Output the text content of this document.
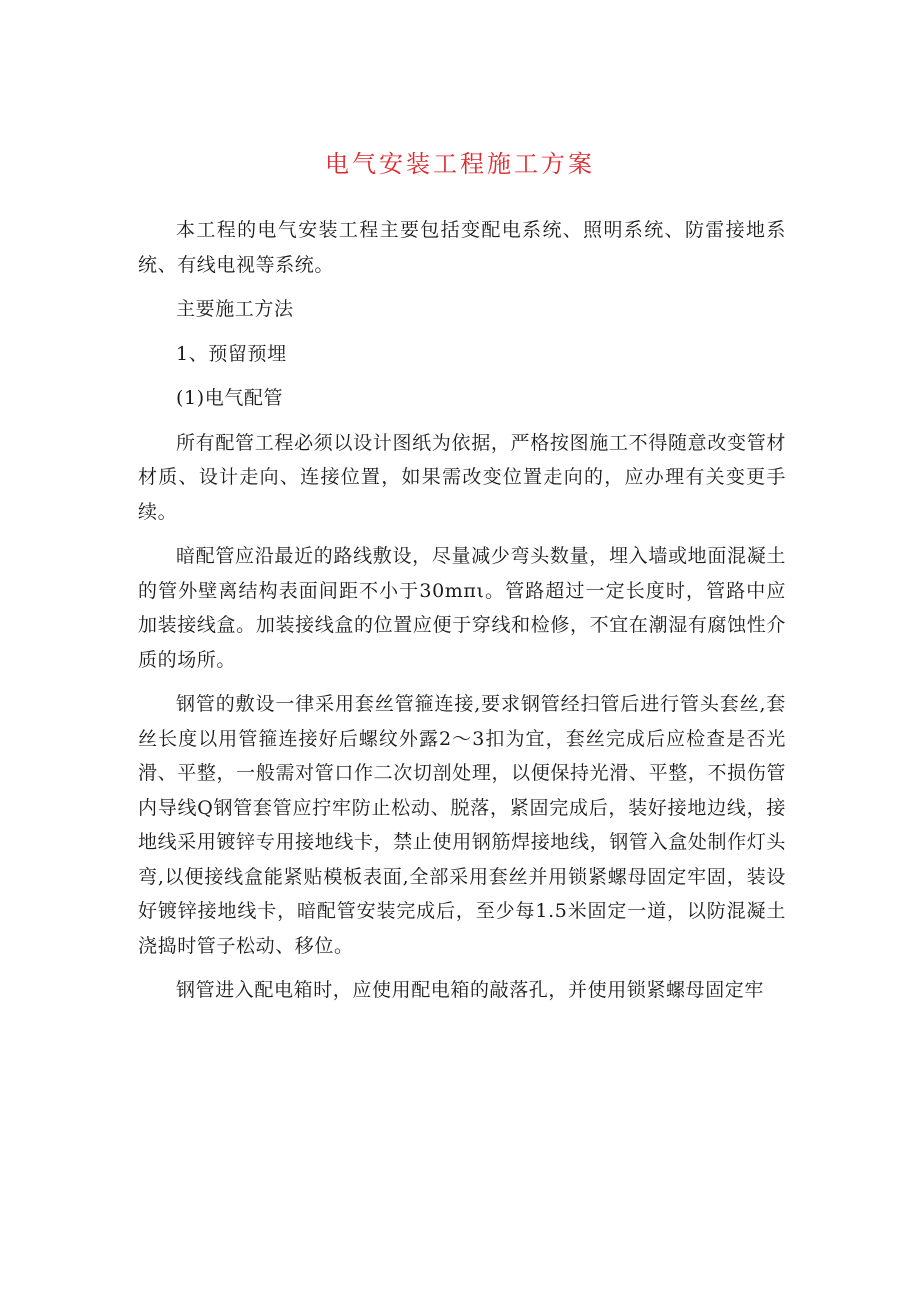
电气安装工程施工方案

本工程的电气安装工程主要包括变配电系统、照明系统、防雷接地系统、有线电视等系统。

主要施工方法

1、预留预埋

(1)电气配管

所有配管工程必须以设计图纸为依据，严格按图施工不得随意改变管材材质、设计走向、连接位置，如果需改变位置走向的，应办理有关变更手续。

暗配管应沿最近的路线敷设，尽量减少弯头数量，埋入墙或地面混凝土的管外壁离结构表面间距不小于30mπι。管路超过一定长度时，管路中应加装接线盒。加装接线盒的位置应便于穿线和检修，不宜在潮湿有腐蚀性介质的场所。

钢管的敷设一律采用套丝管箍连接,要求钢管经扫管后进行管头套丝,套丝长度以用管箍连接好后螺纹外露2～3扣为宜，套丝完成后应检查是否光滑、平整，一般需对管口作二次切剖处理，以便保持光滑、平整，不损伤管内导线Q钢管套管应拧牢防止松动、脱落，紧固完成后，装好接地边线，接地线采用镀锌专用接地线卡，禁止使用钢筋焊接地线，钢管入盒处制作灯头弯,以便接线盒能紧贴模板表面,全部采用套丝并用锁紧螺母固定牢固，装设好镀锌接地线卡，暗配管安装完成后，至少每1.5米固定一道，以防混凝土浇捣时管子松动、移位。

钢管进入配电箱时，应使用配电箱的敲落孔，并使用锁紧螺母固定牢
